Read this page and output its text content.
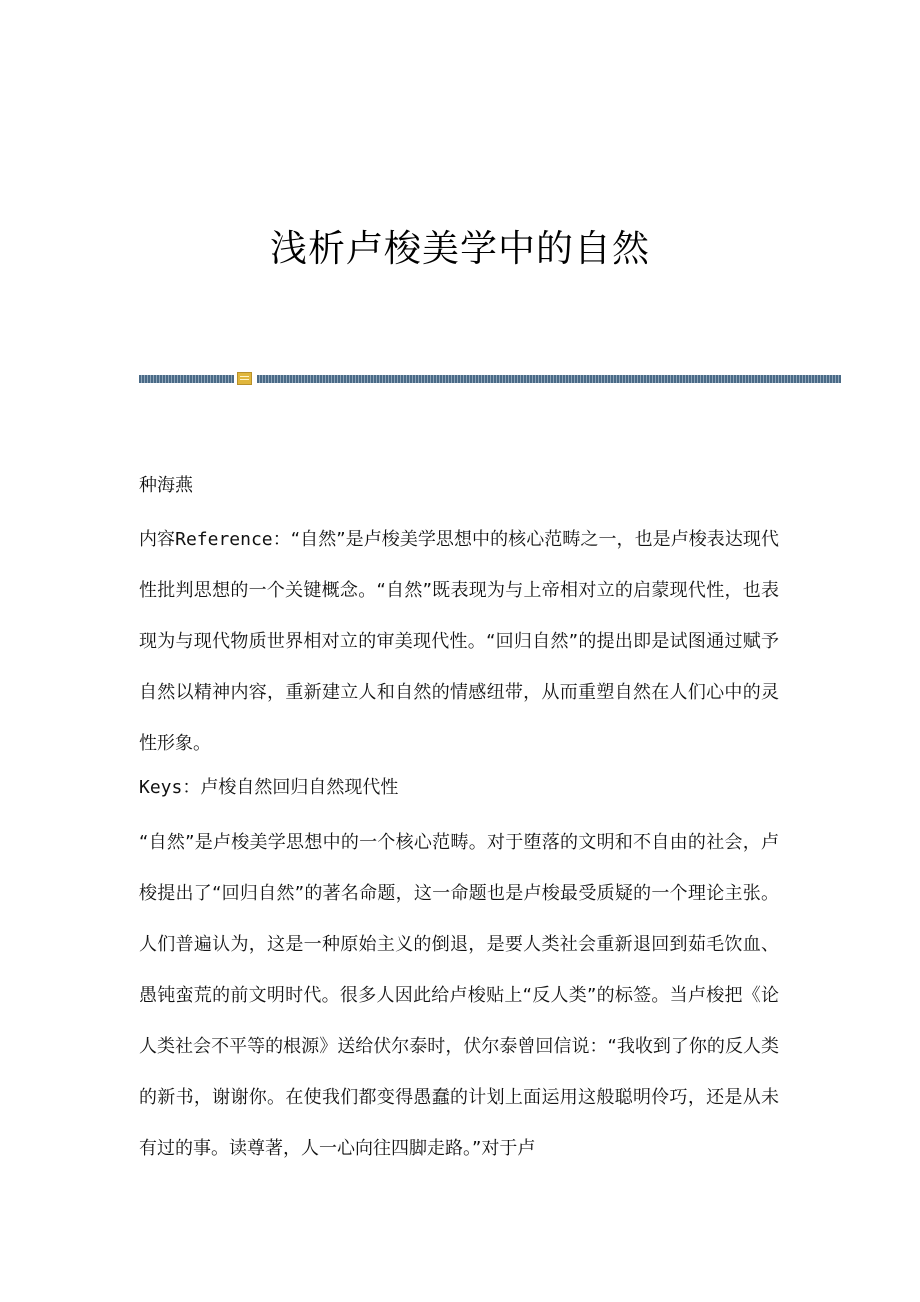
浅析卢梭美学中的自然

种海燕

内容Reference：“自然”是卢梭美学思想中的核心范畴之一，也是卢梭表达现代性批判思想的一个关键概念。“自然”既表现为与上帝相对立的启蒙现代性，也表现为与现代物质世界相对立的审美现代性。“回归自然”的提出即是试图通过赋予自然以精神内容，重新建立人和自然的情感纽带，从而重塑自然在人们心中的灵性形象。

Keys：卢梭自然回归自然现代性

“自然”是卢梭美学思想中的一个核心范畴。对于堕落的文明和不自由的社会，卢梭提出了“回归自然”的著名命题，这一命题也是卢梭最受质疑的一个理论主张。人们普遍认为，这是一种原始主义的倒退，是要人类社会重新退回到茹毛饮血、愚钝蛮荒的前文明时代。很多人因此给卢梭贴上“反人类”的标签。当卢梭把《论人类社会不平等的根源》送给伏尔泰时，伏尔泰曾回信说：“我收到了你的反人类的新书，谢谢你。在使我们都变得愚蠢的计划上面运用这般聪明伶巧，还是从未有过的事。读尊著，人一心向往四脚走路。”对于卢
